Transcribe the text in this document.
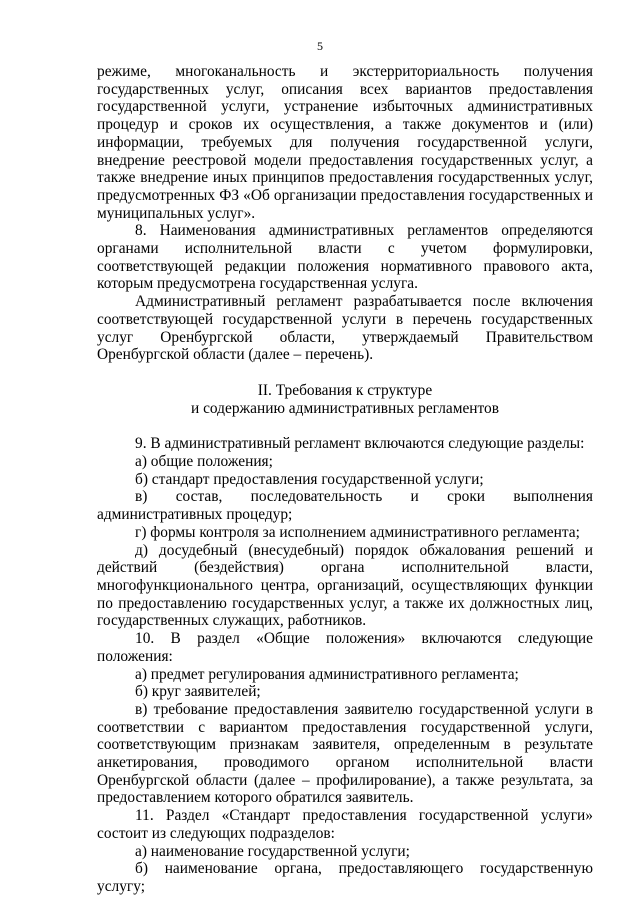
5

режиме, многоканальность и экстерриториальность получения государственных услуг, описания всех вариантов предоставления государственной услуги, устранение избыточных административных процедур и сроков их осуществления, а также документов и (или) информации, требуемых для получения государственной услуги, внедрение реестровой модели предоставления государственных услуг, а также внедрение иных принципов предоставления государственных услуг, предусмотренных ФЗ «Об организации предоставления государственных и муниципальных услуг».

8. Наименования административных регламентов определяются органами исполнительной власти с учетом формулировки, соответствующей редакции положения нормативного правового акта, которым предусмотрена государственная услуга.

Административный регламент разрабатывается после включения соответствующей государственной услуги в перечень государственных услуг Оренбургской области, утверждаемый Правительством Оренбургской области (далее – перечень).

II. Требования к структуре

и содержанию административных регламентов

9. В административный регламент включаются следующие разделы:

а) общие положения;

б) стандарт предоставления государственной услуги;

в) состав, последовательность и сроки выполнения административных процедур;

г) формы контроля за исполнением административного регламента;

д) досудебный (внесудебный) порядок обжалования решений и действий (бездействия) органа исполнительной власти, многофункционального центра, организаций, осуществляющих функции по предоставлению государственных услуг, а также их должностных лиц, государственных служащих, работников.

10. В раздел «Общие положения» включаются следующие положения:

а) предмет регулирования административного регламента;

б) круг заявителей;

в) требование предоставления заявителю государственной услуги в соответствии с вариантом предоставления государственной услуги, соответствующим признакам заявителя, определенным в результате анкетирования, проводимого органом исполнительной власти Оренбургской области (далее – профилирование), а также результата, за предоставлением которого обратился заявитель.

11. Раздел «Стандарт предоставления государственной услуги» состоит из следующих подразделов:

а) наименование государственной услуги;

б) наименование органа, предоставляющего государственную услугу;
